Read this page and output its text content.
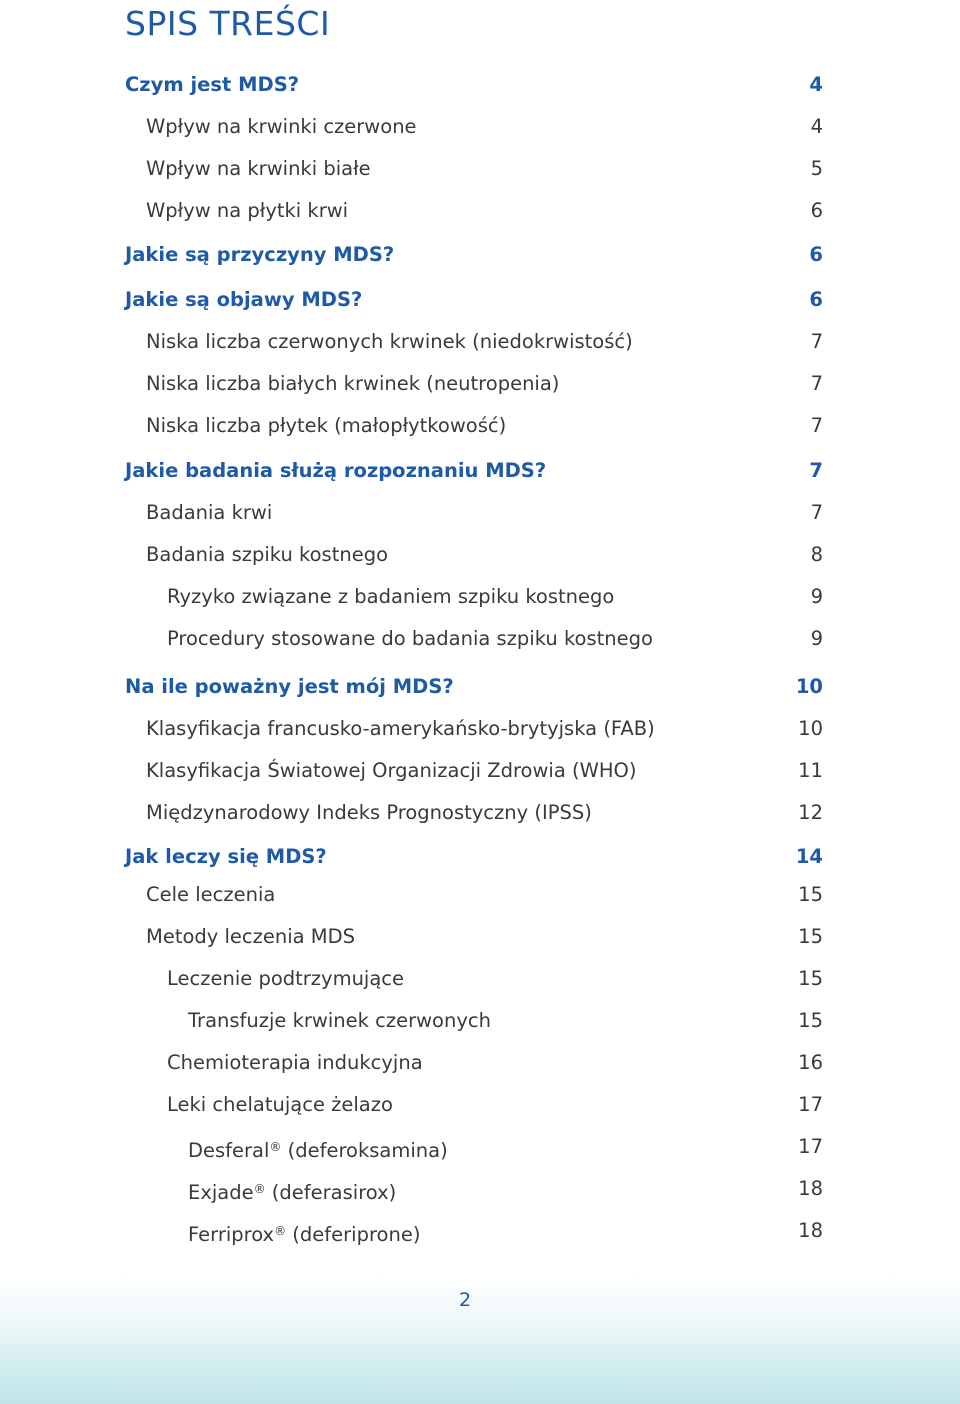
SPIS TREŚCI
Czym jest MDS?	4
Wpływ na krwinki czerwone	4
Wpływ na krwinki białe	5
Wpływ na płytki krwi	6
Jakie są przyczyny MDS?	6
Jakie są objawy MDS?	6
Niska liczba czerwonych krwinek (niedokrwistość)	7
Niska liczba białych krwinek (neutropenia)	7
Niska liczba płytek (małopłytkowość)	7
Jakie badania służą rozpoznaniu MDS?	7
Badania krwi	7
Badania szpiku kostnego	8
Ryzyko związane z badaniem szpiku kostnego	9
Procedury stosowane do badania szpiku kostnego	9
Na ile poważny jest mój MDS?	10
Klasyfikacja francusko-amerykańsko-brytyjska (FAB)	10
Klasyfikacja Światowej Organizacji Zdrowia (WHO)	11
Międzynarodowy Indeks Prognostyczny (IPSS)	12
Jak leczy się MDS?	14
Cele leczenia	15
Metody leczenia MDS	15
Leczenie podtrzymujące	15
Transfuzje krwinek czerwonych	15
Chemioterapia indukcyjna	16
Leki chelatujące żelazo	17
Desferal® (deferoksamina)	17
Exjade® (deferasirox)	18
Ferriprox® (deferiprone)	18
2
